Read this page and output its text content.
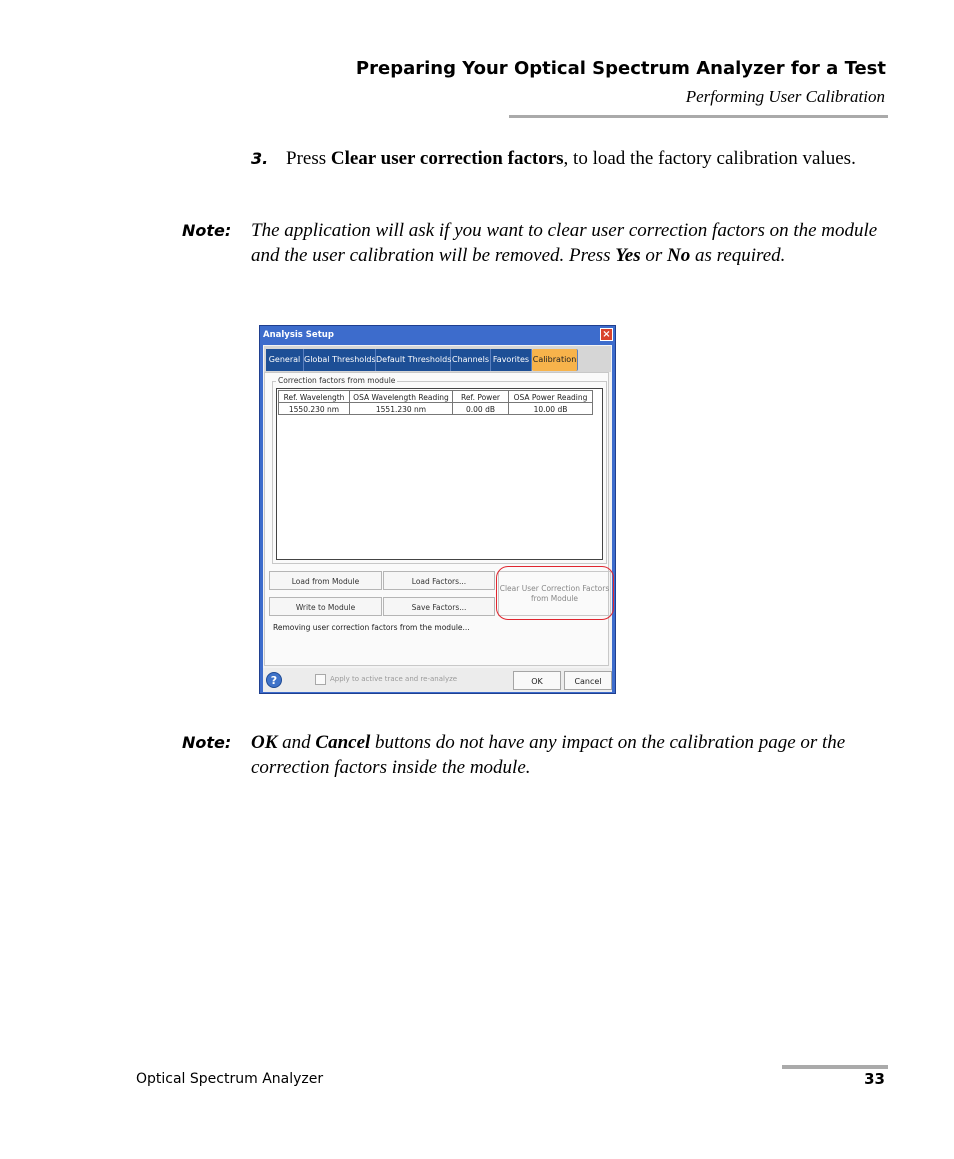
Preparing Your Optical Spectrum Analyzer for a Test
Performing User Calibration
3. Press Clear user correction factors, to load the factory calibration values.
Note: The application will ask if you want to clear user correction factors on the module and the user calibration will be removed. Press Yes or No as required.
Analysis Setup	×
General Global Thresholds Default Thresholds Channels Favorites Calibration
Correction factors from module
Ref. Wavelength	OSA Wavelength Reading	Ref. Power	OSA Power Reading
1550.230 nm	1551.230 nm	0.00 dB	10.00 dB
Load from Module	Load Factors...
Write to Module	Save Factors...
Clear User Correction Factors
from Module
Removing user correction factors from the module...
?	Apply to active trace and re-analyze	OK	Cancel
Note: OK and Cancel buttons do not have any impact on the calibration page or the correction factors inside the module.
Optical Spectrum Analyzer	33
